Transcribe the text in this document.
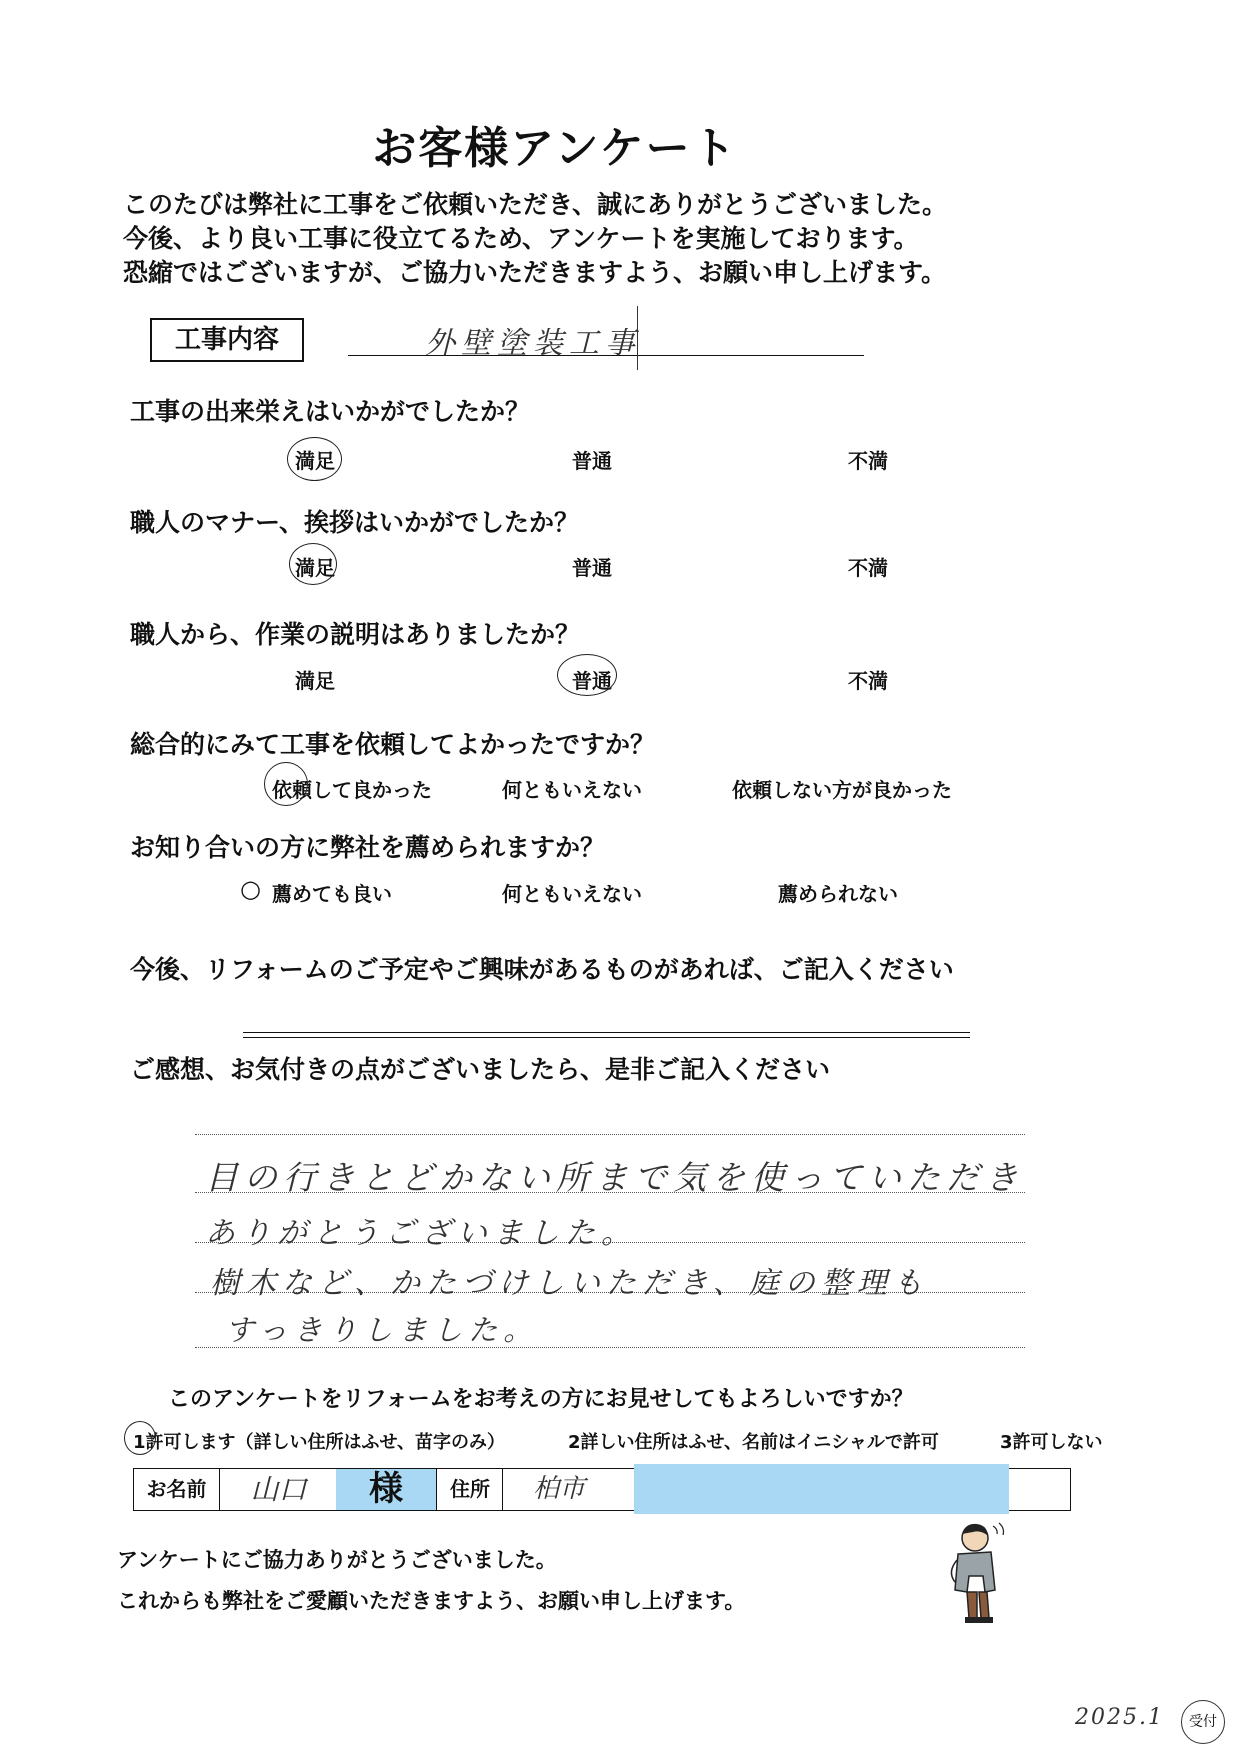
お客様アンケート
このたびは弊社に工事をご依頼いただき、誠にありがとうございました。
今後、より良い工事に役立てるため、アンケートを実施しております。
恐縮ではございますが、ご協力いただきますよう、お願い申し上げます。
工事内容	外壁塗装工事
工事の出来栄えはいかがでしたか？
満足	普通	不満
職人のマナー、挨拶はいかがでしたか？
満足	普通	不満
職人から、作業の説明はありましたか？
満足	普通	不満
総合的にみて工事を依頼してよかったですか？
依頼して良かった	何ともいえない	依頼しない方が良かった
お知り合いの方に弊社を薦められますか？
○ 薦めても良い	何ともいえない	薦められない
今後、リフォームのご予定やご興味があるものがあれば、ご記入ください
ご感想、お気付きの点がございましたら、是非ご記入ください
目の行きとどかない所まで気を使っていただき
ありがとうございました。
樹木など、かたづけしいただき、庭の整理も
すっきりしました。
このアンケートをリフォームをお考えの方にお見せしてもよろしいですか？
1許可します（詳しい住所はふせ、苗字のみ）	2詳しい住所はふせ、名前はイニシャルで許可	3許可しない
お名前	山口	様	住所	柏市
アンケートにご協力ありがとうございました。
これからも弊社をご愛顧いただきますよう、お願い申し上げます。
2025.1	受付
